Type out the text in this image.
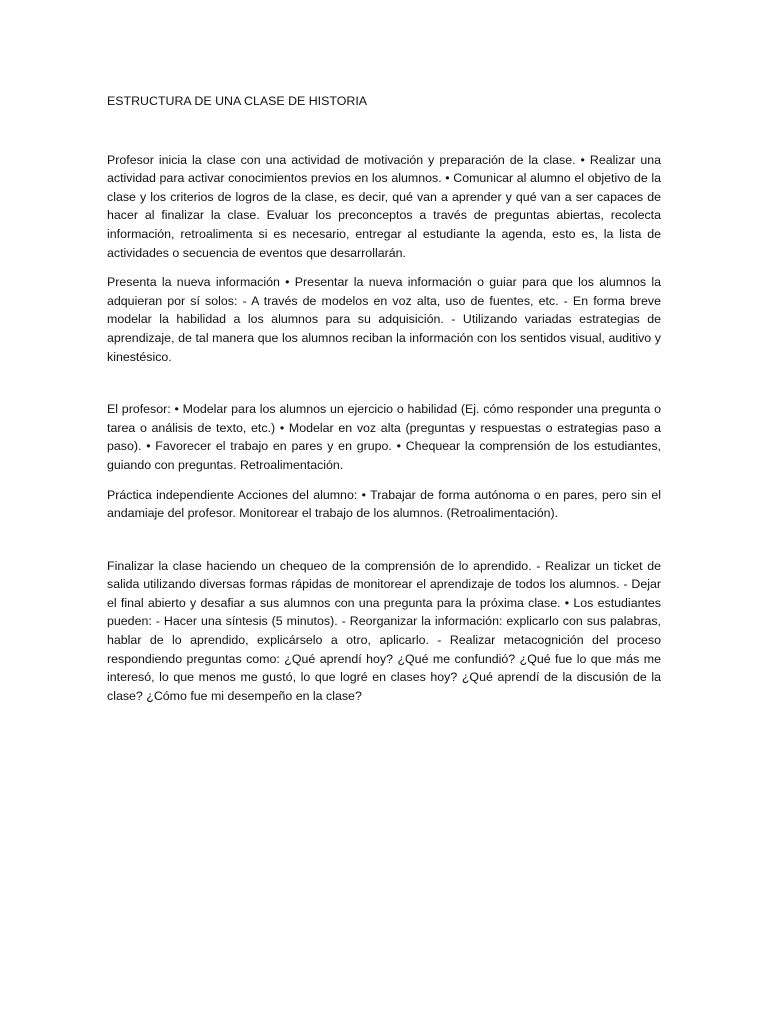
ESTRUCTURA DE UNA CLASE DE HISTORIA

Profesor inicia la clase con una actividad de motivación y preparación de la clase. • Realizar una actividad para activar conocimientos previos en los alumnos. • Comunicar al alumno el objetivo de la clase y los criterios de logros de la clase, es decir, qué van a aprender y qué van a ser capaces de hacer al finalizar la clase. Evaluar los preconceptos a través de preguntas abiertas, recolecta información, retroalimenta si es necesario, entregar al estudiante la agenda, esto es, la lista de actividades o secuencia de eventos que desarrollarán.

Presenta la nueva información • Presentar la nueva información o guiar para que los alumnos la adquieran por sí solos: - A través de modelos en voz alta, uso de fuentes, etc. - En forma breve modelar la habilidad a los alumnos para su adquisición. - Utilizando variadas estrategias de aprendizaje, de tal manera que los alumnos reciban la información con los sentidos visual, auditivo y kinestésico.

El profesor: • Modelar para los alumnos un ejercicio o habilidad (Ej. cómo responder una pregunta o tarea o análisis de texto, etc.) • Modelar en voz alta (preguntas y respuestas o estrategias paso a paso). • Favorecer el trabajo en pares y en grupo. • Chequear la comprensión de los estudiantes, guiando con preguntas. Retroalimentación.

Práctica independiente Acciones del alumno: • Trabajar de forma autónoma o en pares, pero sin el andamiaje del profesor. Monitorear el trabajo de los alumnos. (Retroalimentación).

Finalizar la clase haciendo un chequeo de la comprensión de lo aprendido. - Realizar un ticket de salida utilizando diversas formas rápidas de monitorear el aprendizaje de todos los alumnos. - Dejar el final abierto y desafiar a sus alumnos con una pregunta para la próxima clase. • Los estudiantes pueden: - Hacer una síntesis (5 minutos). - Reorganizar la información: explicarlo con sus palabras, hablar de lo aprendido, explicárselo a otro, aplicarlo. - Realizar metacognición del proceso respondiendo preguntas como: ¿Qué aprendí hoy? ¿Qué me confundió? ¿Qué fue lo que más me interesó, lo que menos me gustó, lo que logré en clases hoy? ¿Qué aprendí de la discusión de la clase? ¿Cómo fue mi desempeño en la clase?
